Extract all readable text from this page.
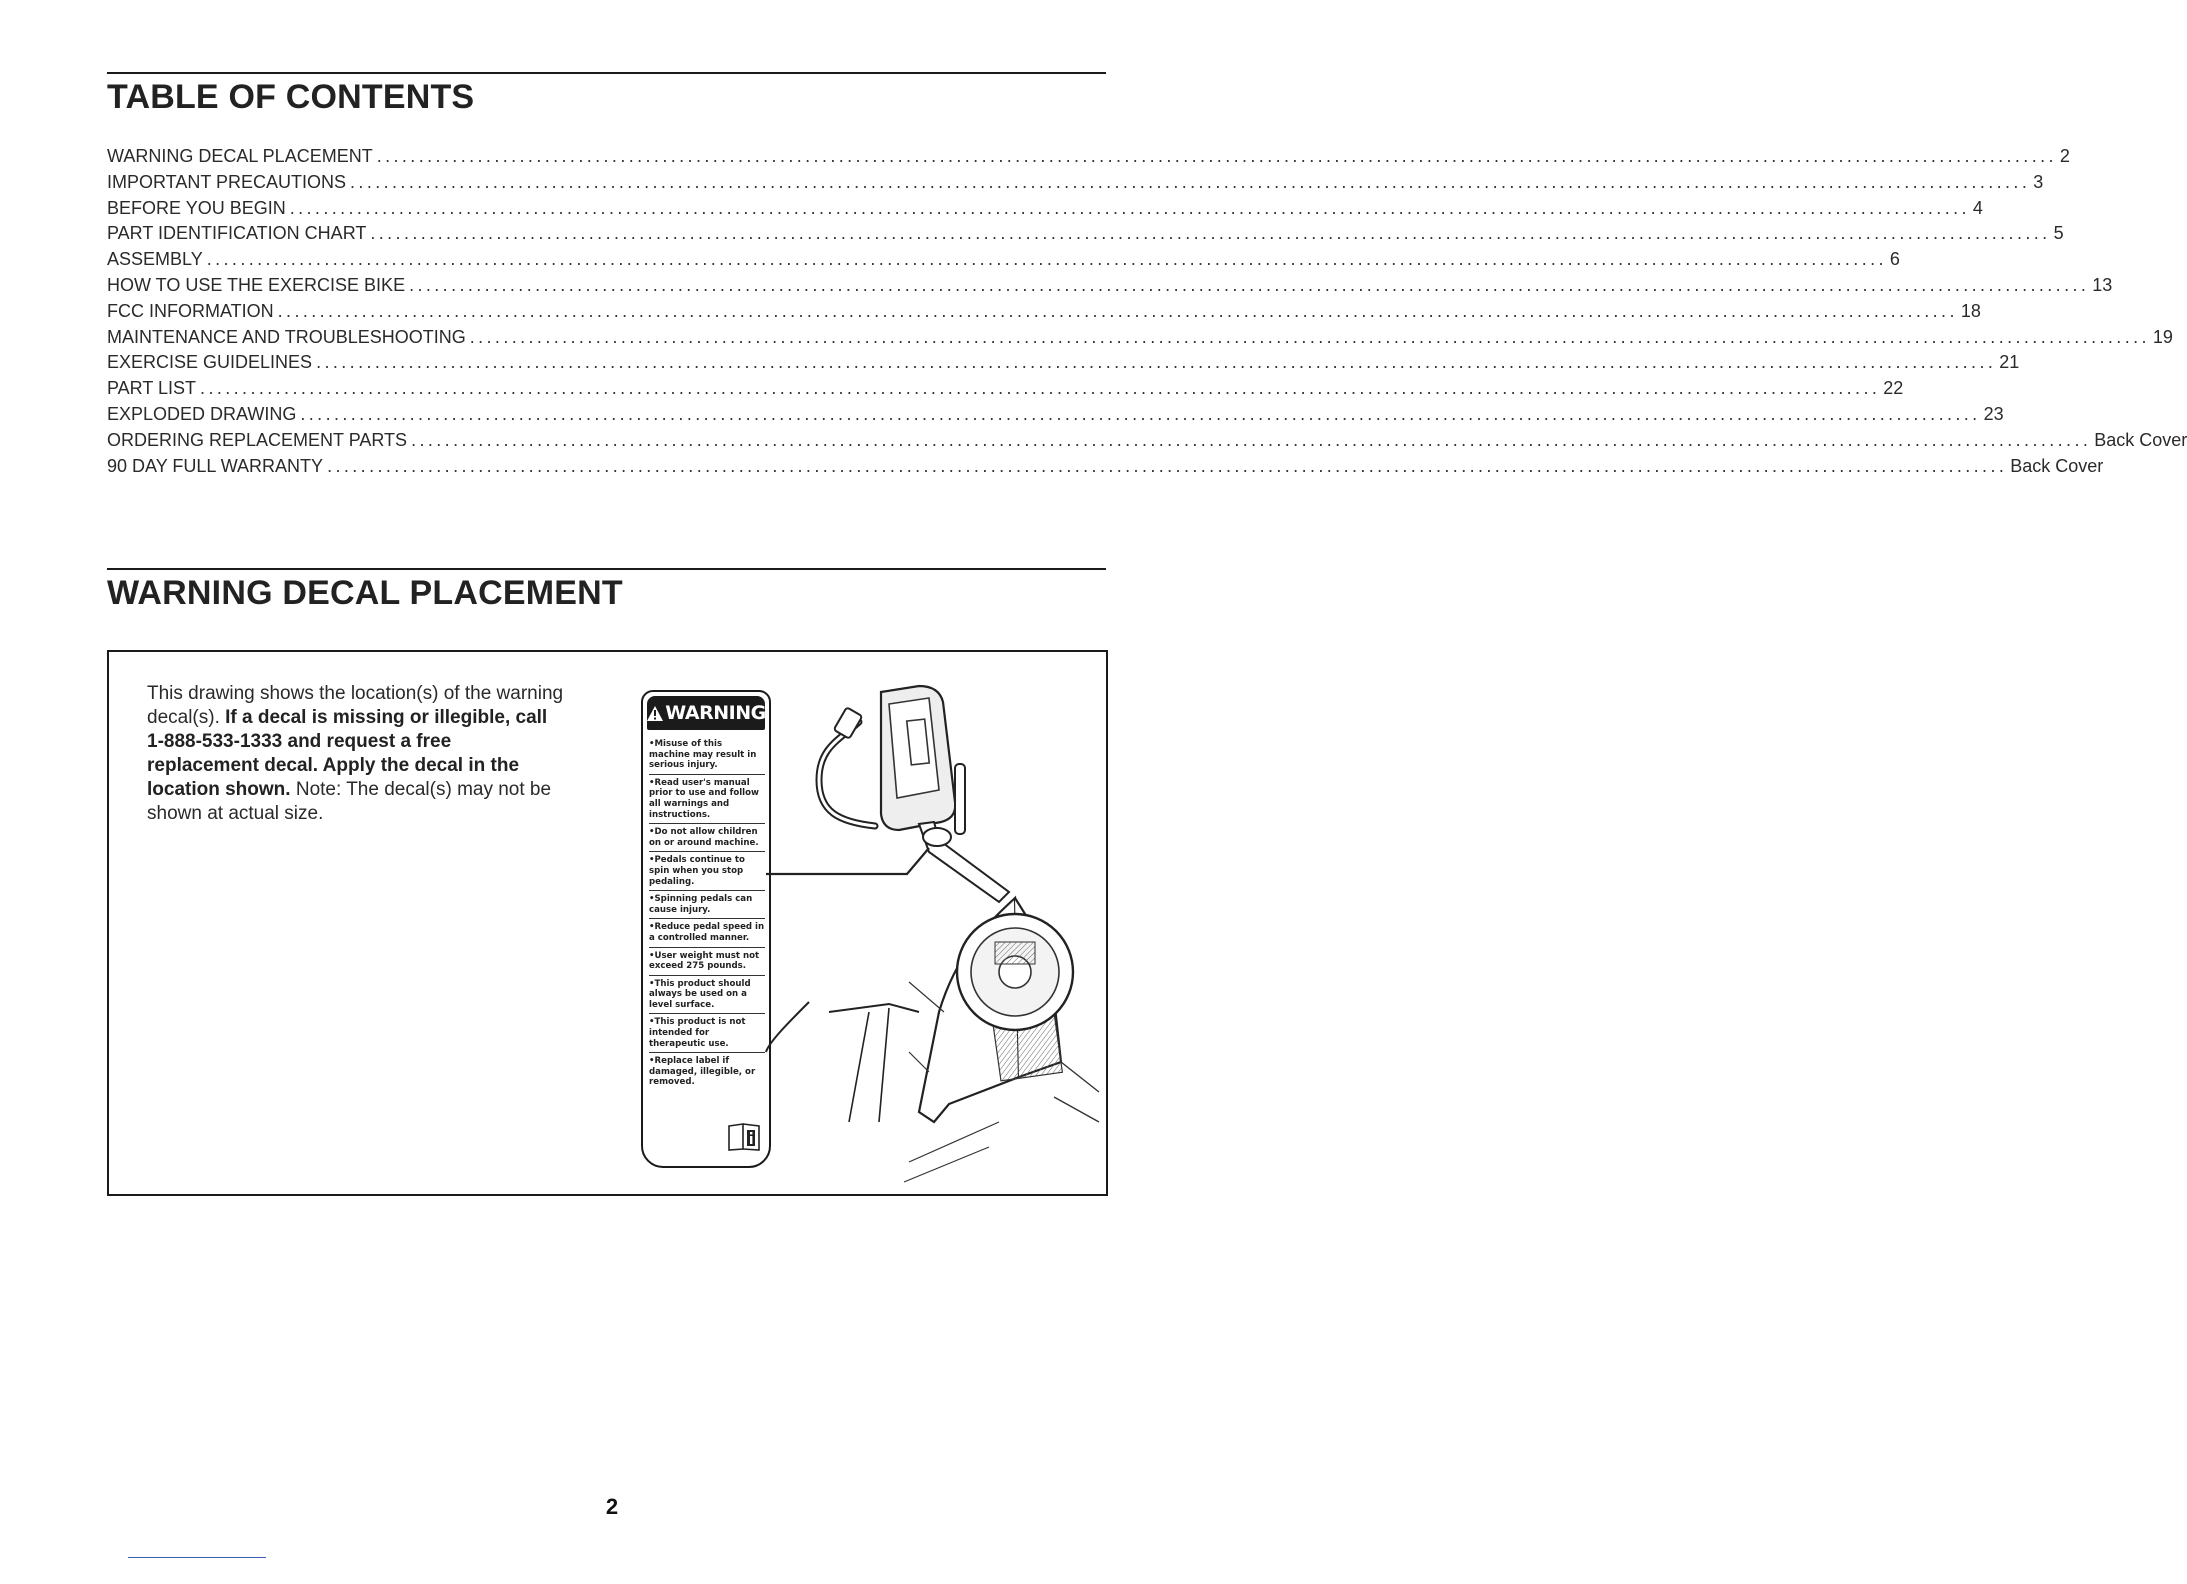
TABLE OF CONTENTS
WARNING DECAL PLACEMENT ........................................................................................................................................................................................................ 2
IMPORTANT PRECAUTIONS ........................................................................................................................................................................................................ 3
BEFORE YOU BEGIN ........................................................................................................................................................................................................ 4
PART IDENTIFICATION CHART ........................................................................................................................................................................................................ 5
ASSEMBLY ........................................................................................................................................................................................................ 6
HOW TO USE THE EXERCISE BIKE ........................................................................................................................................................................................................ 13
FCC INFORMATION ........................................................................................................................................................................................................ 18
MAINTENANCE AND TROUBLESHOOTING ........................................................................................................................................................................................................ 19
EXERCISE GUIDELINES ........................................................................................................................................................................................................ 21
PART LIST ........................................................................................................................................................................................................ 22
EXPLODED DRAWING ........................................................................................................................................................................................................ 23
ORDERING REPLACEMENT PARTS ........................................................................................................................................................................................................ Back Cover
90 DAY FULL WARRANTY ........................................................................................................................................................................................................ Back Cover
WARNING DECAL PLACEMENT
This drawing shows the location(s) of the warning decal(s). If a decal is missing or illegible, call 1-888-533-1333 and request a free replacement decal. Apply the decal in the location shown. Note: The decal(s) may not be shown at actual size.
WARNING
•Misuse of this machine may result in serious injury.
•Read user's manual prior to use and follow all warnings and instructions.
•Do not allow children on or around machine.
•Pedals continue to spin when you stop pedaling.
•Spinning pedals can cause injury.
•Reduce pedal speed in a controlled manner.
•User weight must not exceed 275 pounds.
•This product should always be used on a level surface.
•This product is not intended for therapeutic use.
•Replace label if damaged, illegible, or removed.
2
